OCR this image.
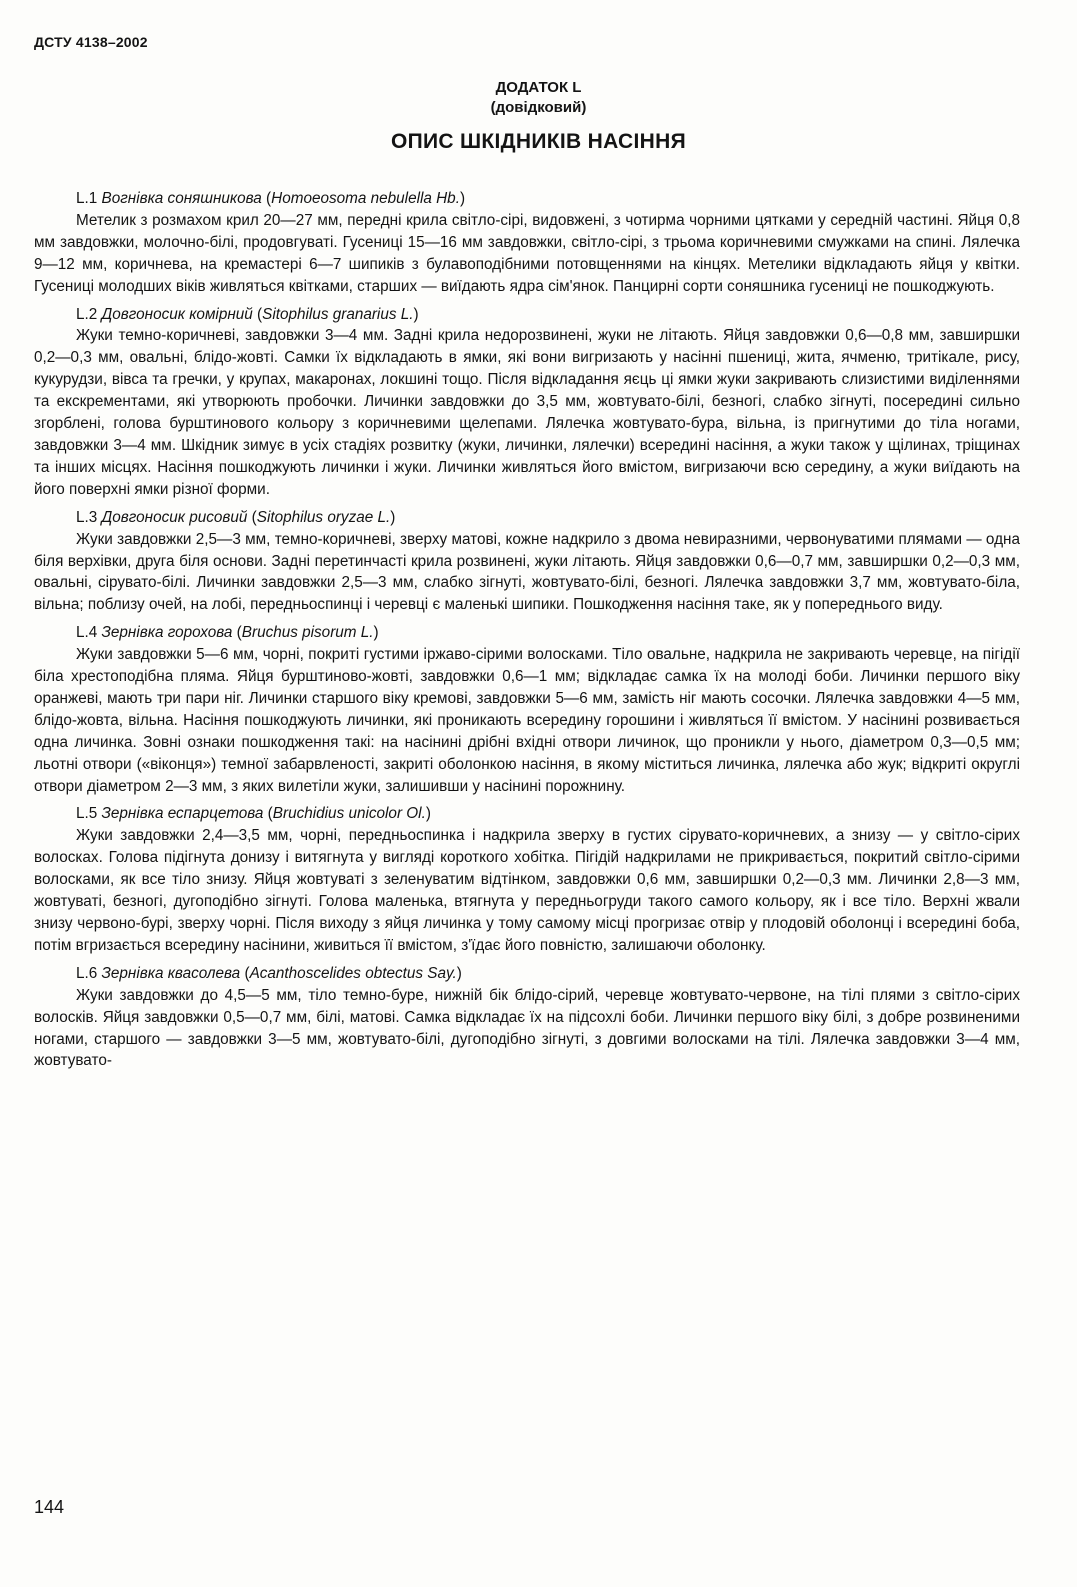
ДСТУ 4138–2002
ДОДАТОК L
(довідковий)
ОПИС ШКІДНИКІВ НАСІННЯ
L.1 Вогнівка соняшникова (Homoeosoma nebulella Hb.)
Метелик з розмахом крил 20—27 мм, передні крила світло-сірі, видовжені, з чотирма чорними цятками у середній частині. Яйця 0,8 мм завдовжки, молочно-білі, продовгуваті. Гусениці 15—16 мм завдовжки, світло-сірі, з трьома коричневими смужками на спині. Лялечка 9—12 мм, коричнева, на кремастері 6—7 шипиків з булавоподібними потовщеннями на кінцях. Метелики відкладають яйця у квітки. Гусениці молодших віків живляться квітками, старших — виїдають ядра сім'янок. Панцирні сорти соняшника гусениці не пошкоджують.
L.2 Довгоносик комірний (Sitophilus granarius L.)
Жуки темно-коричневі, завдовжки 3—4 мм. Задні крила недорозвинені, жуки не літають. Яйця завдовжки 0,6—0,8 мм, завширшки 0,2—0,3 мм, овальні, блідо-жовті. Самки їх відкладають в ямки, які вони вигризають у насінні пшениці, жита, ячменю, тритікале, рису, кукурудзи, вівса та гречки, у крупах, макаронах, локшині тощо. Після відкладання яєць ці ямки жуки закривають слизистими виділеннями та екскрементами, які утворюють пробочки. Личинки завдовжки до 3,5 мм, жовтувато-білі, безногі, слабко зігнуті, посередині сильно згорблені, голова бурштинового кольору з коричневими щелепами. Лялечка жовтувато-бура, вільна, із пригнутими до тіла ногами, завдовжки 3—4 мм. Шкідник зимує в усіх стадіях розвитку (жуки, личинки, лялечки) всередині насіння, а жуки також у щілинах, тріщинах та інших місцях. Насіння пошкоджують личинки і жуки. Личинки живляться його вмістом, вигризаючи всю середину, а жуки виїдають на його поверхні ямки різної форми.
L.3 Довгоносик рисовий (Sitophilus oryzae L.)
Жуки завдовжки 2,5—3 мм, темно-коричневі, зверху матові, кожне надкрило з двома невиразними, червонуватими плямами — одна біля верхівки, друга біля основи. Задні перетинчасті крила розвинені, жуки літають. Яйця завдовжки 0,6—0,7 мм, завширшки 0,2—0,3 мм, овальні, сірувато-білі. Личинки завдовжки 2,5—3 мм, слабко зігнуті, жовтувато-білі, безногі. Лялечка завдовжки 3,7 мм, жовтувато-біла, вільна; поблизу очей, на лобі, передньоспинці і черевці є маленькі шипики. Пошкодження насіння таке, як у попереднього виду.
L.4 Зернівка горохова (Bruchus pisorum L.)
Жуки завдовжки 5—6 мм, чорні, покриті густими іржаво-сірими волосками. Тіло овальне, надкрила не закривають черевце, на пігідії біла хрестоподібна пляма. Яйця бурштиново-жовті, завдовжки 0,6—1 мм; відкладає самка їх на молоді боби. Личинки першого віку оранжеві, мають три пари ніг. Личинки старшого віку кремові, завдовжки 5—6 мм, замість ніг мають сосочки. Лялечка завдовжки 4—5 мм, блідо-жовта, вільна. Насіння пошкоджують личинки, які проникають всередину горошини і живляться її вмістом. У насінині розвивається одна личинка. Зовні ознаки пошкодження такі: на насінині дрібні вхідні отвори личинок, що проникли у нього, діаметром 0,3—0,5 мм; льотні отвори («віконця») темної забарвленості, закриті оболонкою насіння, в якому міститься личинка, лялечка або жук; відкриті округлі отвори діаметром 2—3 мм, з яких вилетіли жуки, залишивши у насінині порожнину.
L.5 Зернівка еспарцетова (Bruchidius unicolor Ol.)
Жуки завдовжки 2,4—3,5 мм, чорні, передньоспинка і надкрила зверху в густих сірувато-коричневих, а знизу — у світло-сірих волосках. Голова підігнута донизу і витягнута у вигляді короткого хобітка. Пігідій надкрилами не прикривається, покритий світло-сірими волосками, як все тіло знизу. Яйця жовтуваті з зеленуватим відтінком, завдовжки 0,6 мм, завширшки 0,2—0,3 мм. Личинки 2,8—3 мм, жовтуваті, безногі, дугоподібно зігнуті. Голова маленька, втягнута у передньогруди такого самого кольору, як і все тіло. Верхні жвали знизу червоно-бурі, зверху чорні. Після виходу з яйця личинка у тому самому місці прогризає отвір у плодовій оболонці і всередині боба, потім вгризається всередину насінини, живиться її вмістом, з'їдає його повністю, залишаючи оболонку.
L.6 Зернівка квасолева (Acanthoscelides obtectus Say.)
Жуки завдовжки до 4,5—5 мм, тіло темно-буре, нижній бік блідо-сірий, черевце жовтувато-червоне, на тілі плями з світло-сірих волосків. Яйця завдовжки 0,5—0,7 мм, білі, матові. Самка відкладає їх на підсохлі боби. Личинки першого віку білі, з добре розвиненими ногами, старшого — завдовжки 3—5 мм, жовтувато-білі, дугоподібно зігнуті, з довгими волосками на тілі. Лялечка завдовжки 3—4 мм, жовтувато-
144
